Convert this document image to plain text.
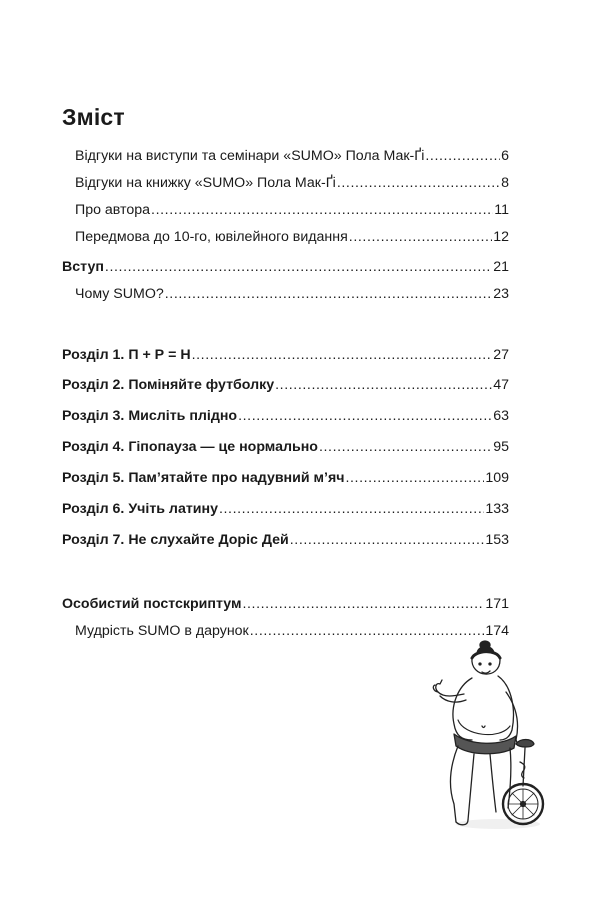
Зміст
Відгуки на виступи та семінари «SUMO» Пола Мак-Ґі .....	6
Відгуки на книжку «SUMO» Пола Мак-Ґі .....	8
Про автора .....	11
Передмова до 10-го, ювілейного видання .....	12
Вступ .....	21
Чому SUMO? .....	23
Розділ 1. П + Р = Н .....	27
Розділ 2. Поміняйте футболку .....	47
Розділ 3. Мисліть плідно .....	63
Розділ 4. Гіпопауза — це нормально .....	95
Розділ 5. Пам’ятайте про надувний м’яч .....	109
Розділ 6. Учіть латину .....	133
Розділ 7. Не слухайте Доріс Дей .....	153
Особистий постскриптум .....	171
Мудрість SUMO в дарунок .....	174
